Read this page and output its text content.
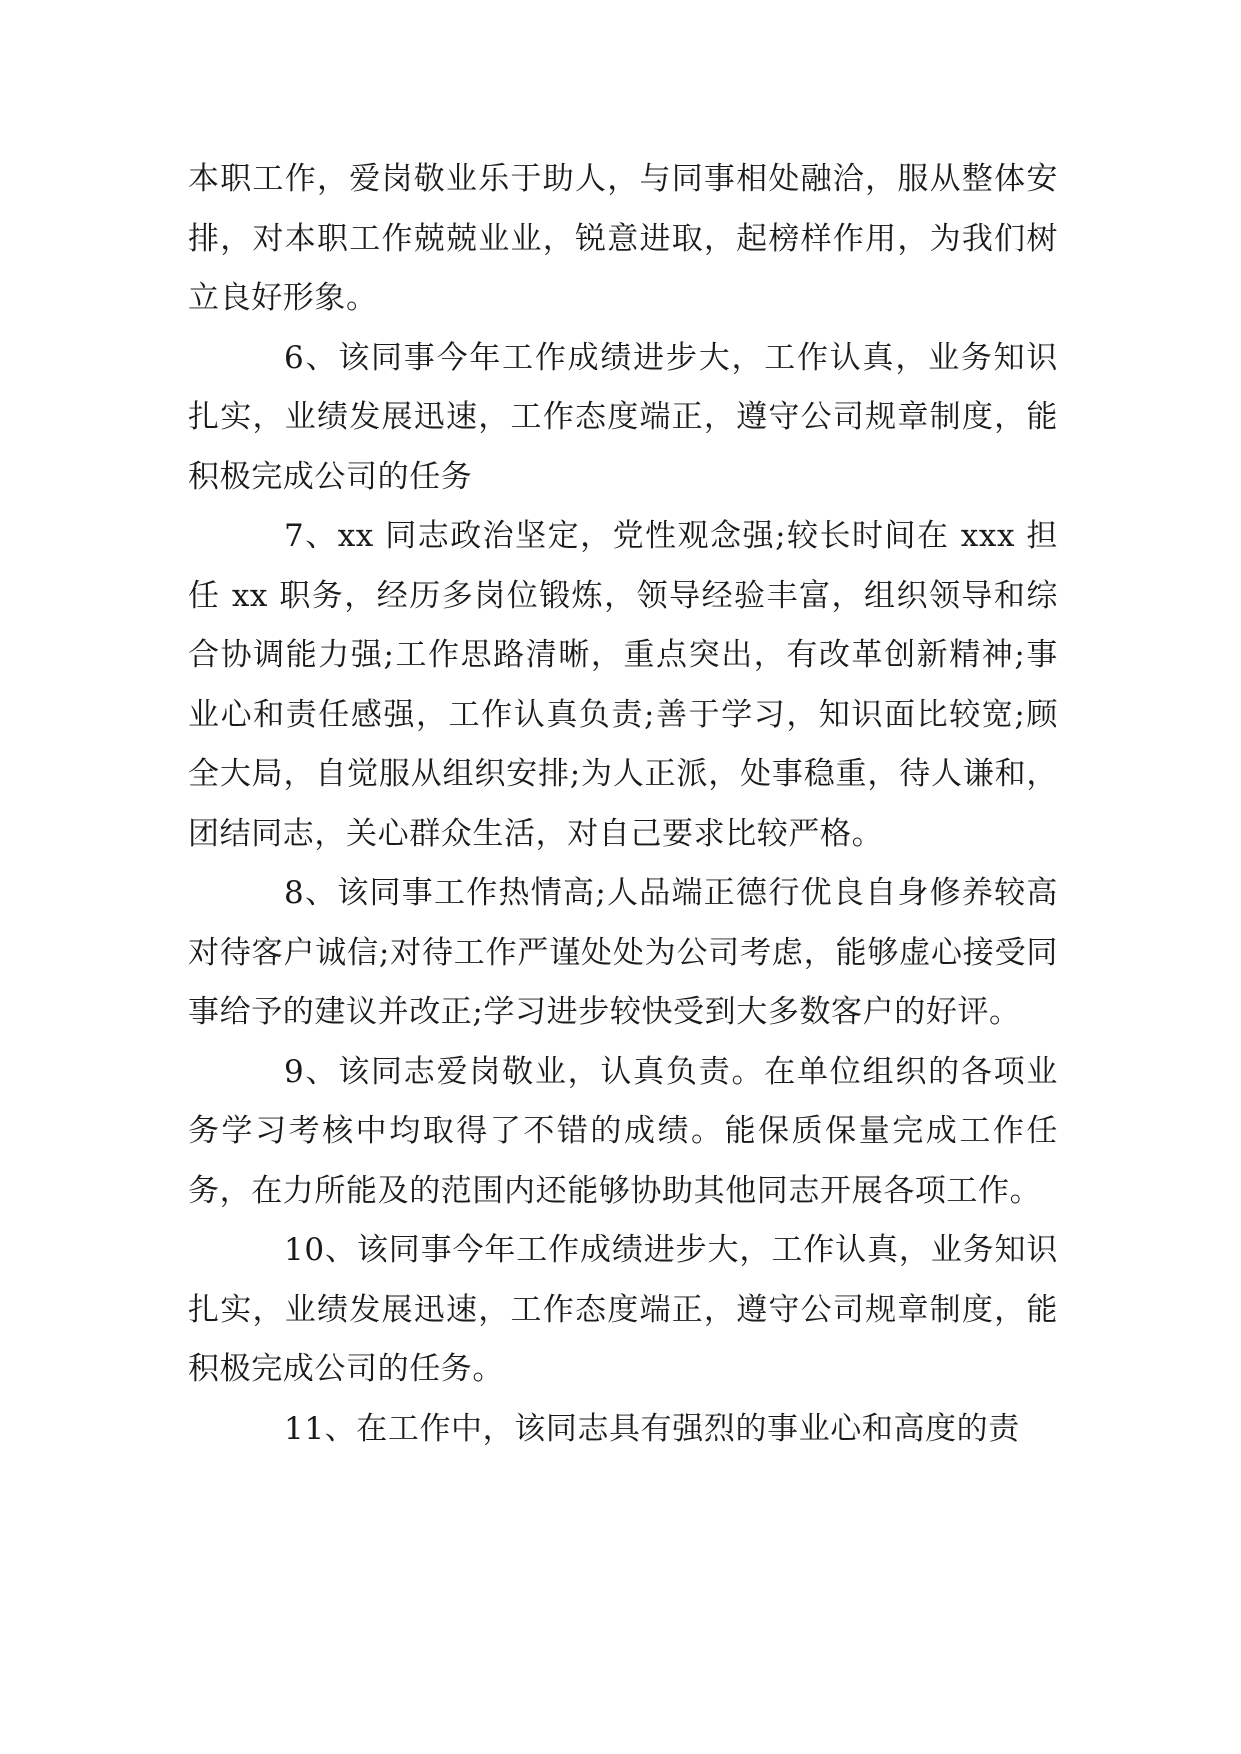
本职工作，爱岗敬业乐于助人，与同事相处融洽，服从整体安排，对本职工作兢兢业业，锐意进取，起榜样作用，为我们树立良好形象。

6、该同事今年工作成绩进步大，工作认真，业务知识扎实，业绩发展迅速，工作态度端正，遵守公司规章制度，能积极完成公司的任务

7、xx 同志政治坚定，党性观念强;较长时间在 xxx 担任 xx 职务，经历多岗位锻炼，领导经验丰富，组织领导和综合协调能力强;工作思路清晰，重点突出，有改革创新精神;事业心和责任感强，工作认真负责;善于学习，知识面比较宽;顾全大局，自觉服从组织安排;为人正派，处事稳重，待人谦和，团结同志，关心群众生活，对自己要求比较严格。

8、该同事工作热情高;人品端正德行优良自身修养较高对待客户诚信;对待工作严谨处处为公司考虑，能够虚心接受同事给予的建议并改正;学习进步较快受到大多数客户的好评。

9、该同志爱岗敬业，认真负责。在单位组织的各项业务学习考核中均取得了不错的成绩。能保质保量完成工作任务，在力所能及的范围内还能够协助其他同志开展各项工作。

10、该同事今年工作成绩进步大，工作认真，业务知识扎实，业绩发展迅速，工作态度端正，遵守公司规章制度，能积极完成公司的任务。

11、在工作中，该同志具有强烈的事业心和高度的责
